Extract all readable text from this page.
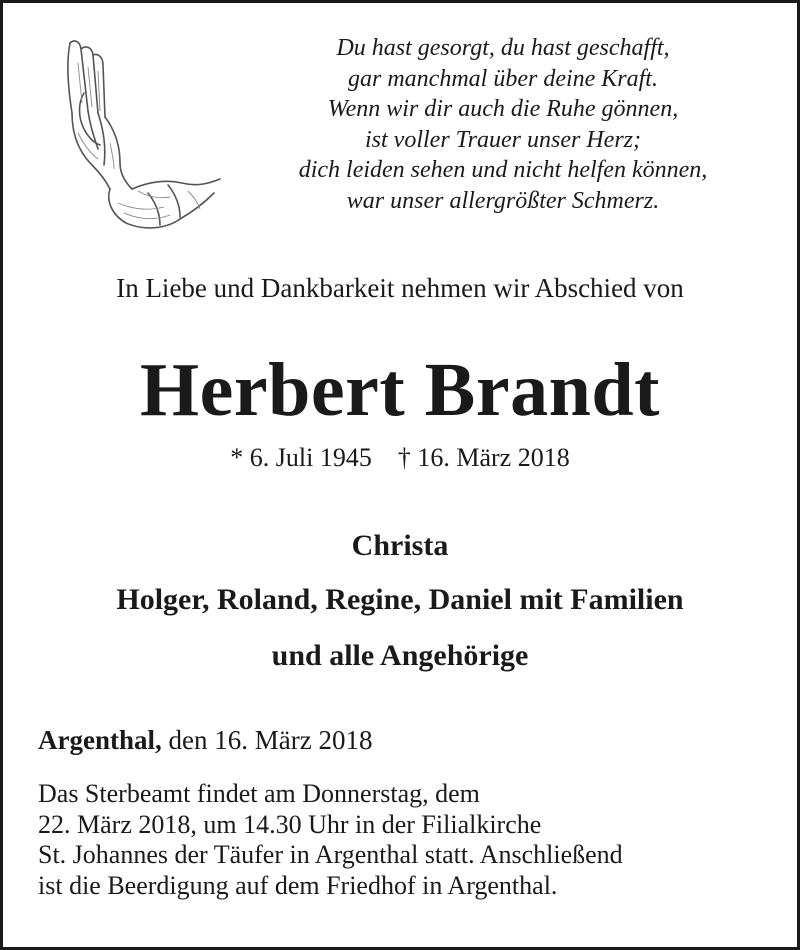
Du hast gesorgt, du hast geschafft,
gar manchmal über deine Kraft.
Wenn wir dir auch die Ruhe gönnen,
ist voller Trauer unser Herz;
dich leiden sehen und nicht helfen können,
war unser allergrößter Schmerz.
In Liebe und Dankbarkeit nehmen wir Abschied von
Herbert Brandt
* 6. Juli 1945 † 16. März 2018
Christa
Holger, Roland, Regine, Daniel mit Familien
und alle Angehörige
Argenthal, den 16. März 2018
Das Sterbeamt findet am Donnerstag, dem
22. März 2018, um 14.30 Uhr in der Filialkirche
St. Johannes der Täufer in Argenthal statt. Anschließend
ist die Beerdigung auf dem Friedhof in Argenthal.
